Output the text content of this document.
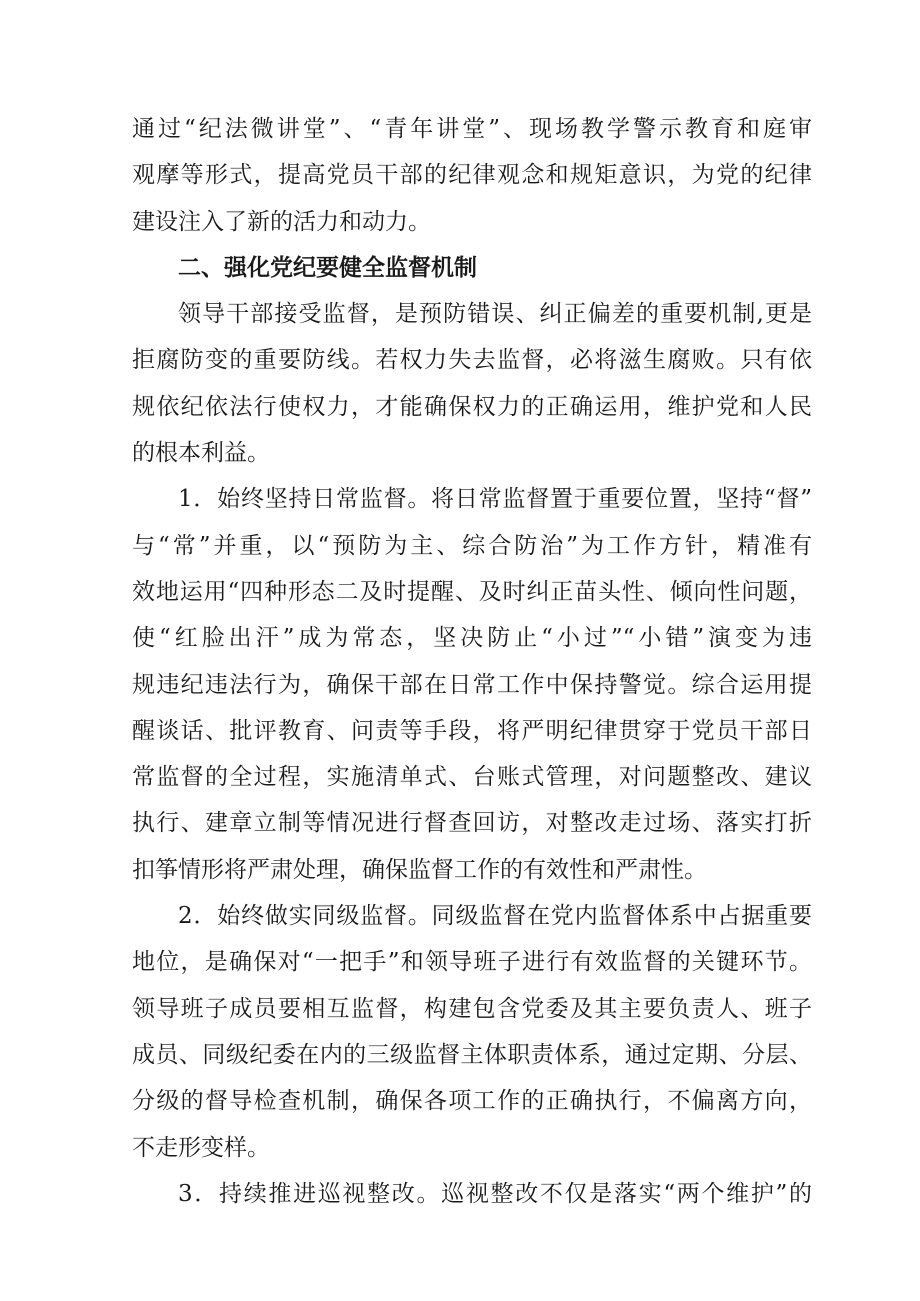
通过“纪法微讲堂”、“青年讲堂”、现场教学警示教育和庭审
观摩等形式，提高党员干部的纪律观念和规矩意识，为党的纪律
建设注入了新的活力和动力。
二、强化党纪要健全监督机制
领导干部接受监督，是预防错误、纠正偏差的重要机制,更是
拒腐防变的重要防线。若权力失去监督，必将滋生腐败。只有依
规依纪依法行使权力，才能确保权力的正确运用，维护党和人民
的根本利益。
1．始终坚持日常监督。将日常监督置于重要位置，坚持“督”
与“常”并重，以“预防为主、综合防治”为工作方针，精准有
效地运用“四种形态二及时提醒、及时纠正苗头性、倾向性问题，
使“红脸出汗”成为常态，坚决防止“小过”“小错”演变为违
规违纪违法行为，确保干部在日常工作中保持警觉。综合运用提
醒谈话、批评教育、问责等手段，将严明纪律贯穿于党员干部日
常监督的全过程，实施清单式、台账式管理，对问题整改、建议
执行、建章立制等情况进行督查回访，对整改走过场、落实打折
扣筝情形将严肃处理，确保监督工作的有效性和严肃性。
2．始终做实同级监督。同级监督在党内监督体系中占据重要
地位，是确保对“一把手”和领导班子进行有效监督的关键环节。
领导班子成员要相互监督，构建包含党委及其主要负责人、班子
成员、同级纪委在内的三级监督主体职责体系，通过定期、分层、
分级的督导检查机制，确保各项工作的正确执行，不偏离方向，
不走形变样。
3．持续推进巡视整改。巡视整改不仅是落实“两个维护”的
